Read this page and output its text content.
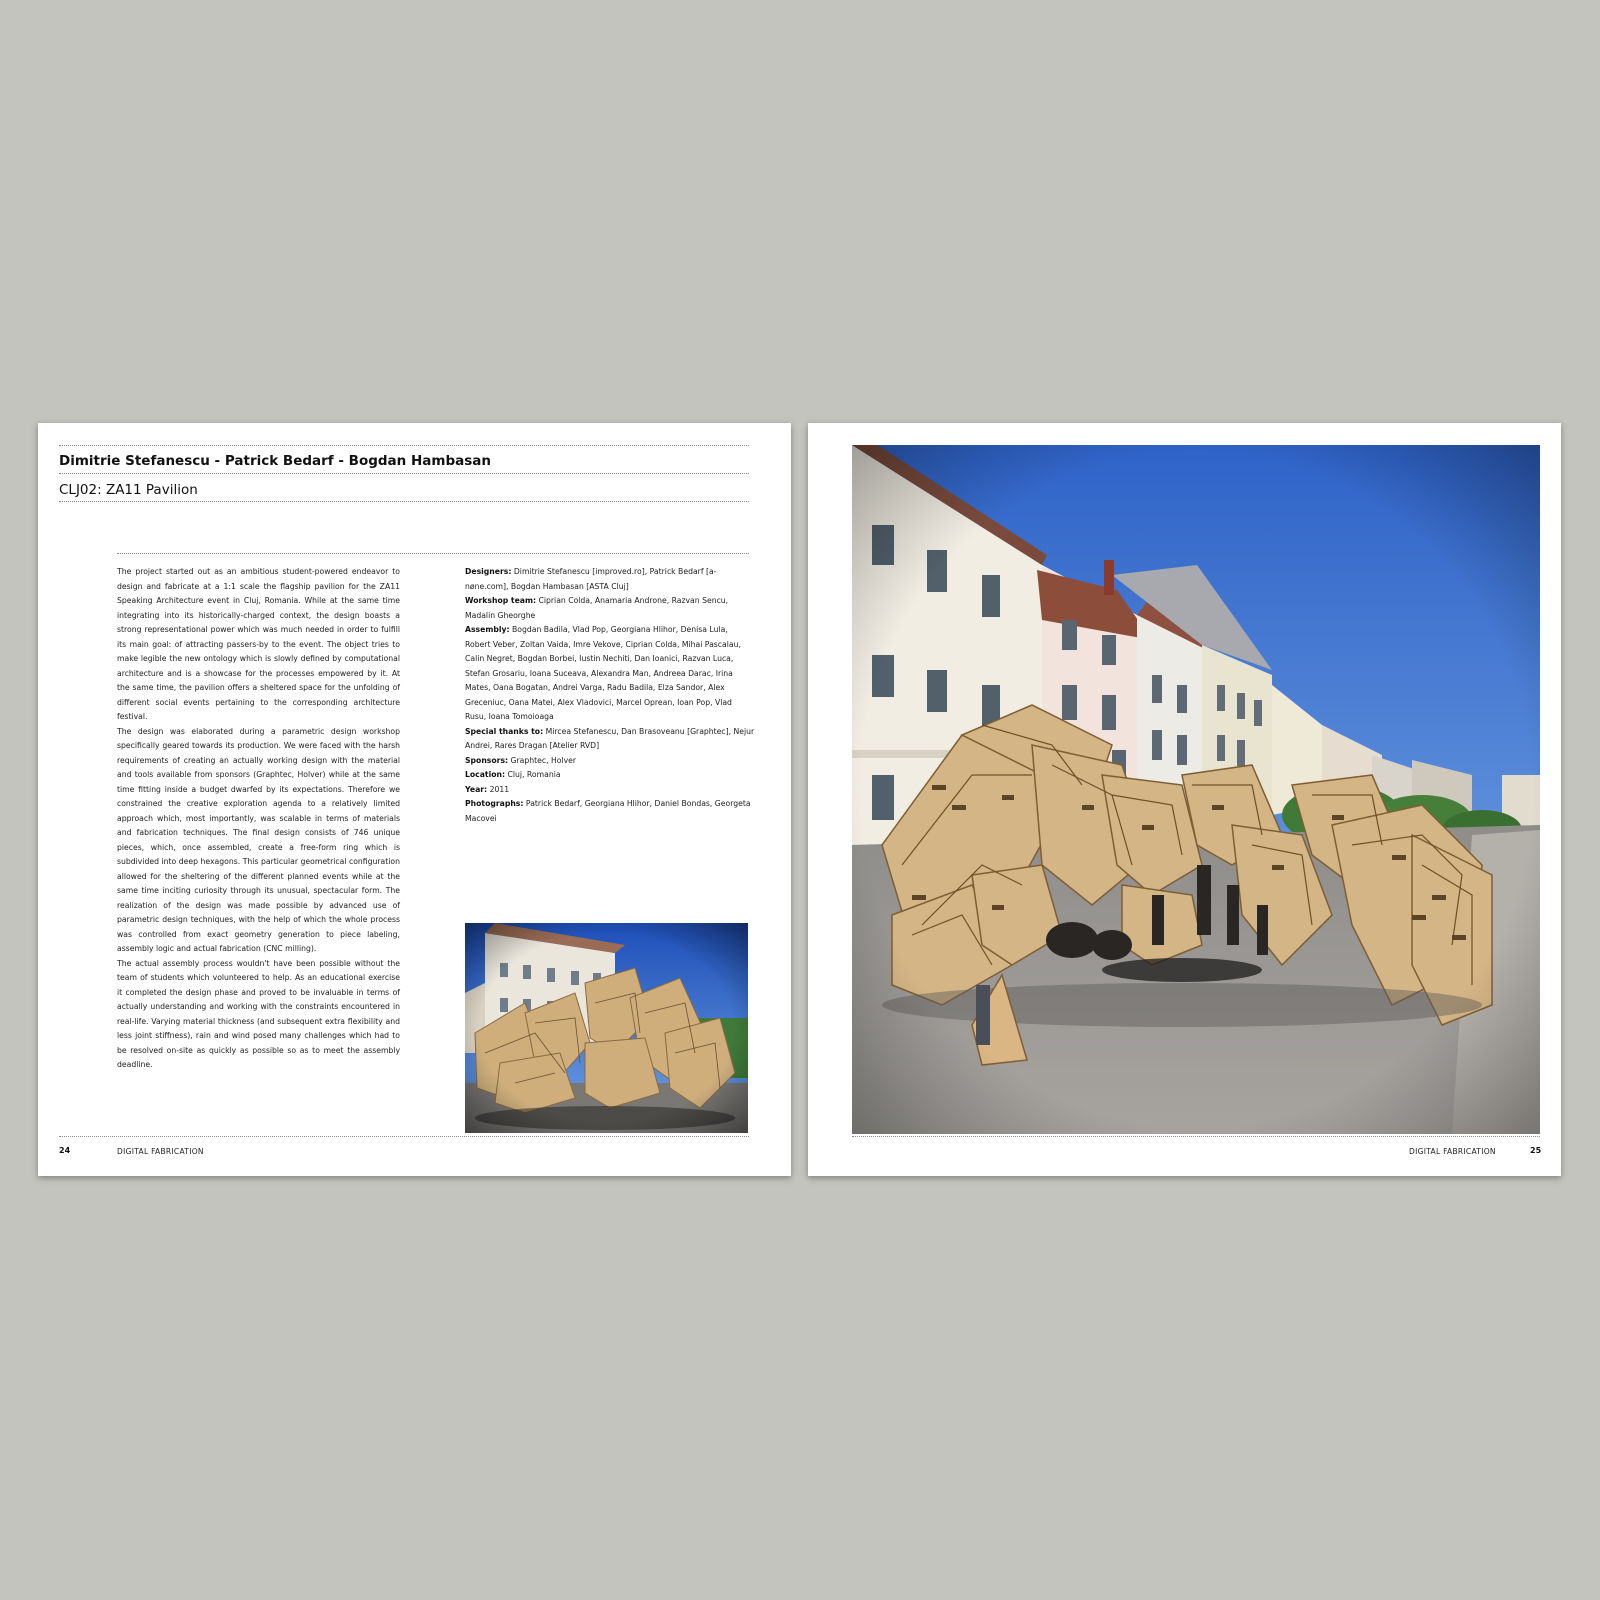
Dimitrie Stefanescu - Patrick Bedarf - Bogdan Hambasan
CLJ02: ZA11 Pavilion

The project started out as an ambitious student-powered endeavor to design and fabricate at a 1:1 scale the flagship pavilion for the ZA11 Speaking Architecture event in Cluj, Romania. While at the same time integrating into its historically-charged context, the design boasts a strong representational power which was much needed in order to fulfill its main goal: of attracting passers-by to the event. The object tries to make legible the new ontology which is slowly defined by computational architecture and is a showcase for the processes empowered by it. At the same time, the pavilion offers a sheltered space for the unfolding of different social events pertaining to the corresponding architecture festival.

The design was elaborated during a parametric design workshop specifically geared towards its production. We were faced with the harsh requirements of creating an actually working design with the material and tools available from sponsors (Graphtec, Holver) while at the same time fitting inside a budget dwarfed by its expectations. Therefore we constrained the creative exploration agenda to a relatively limited approach which, most importantly, was scalable in terms of materials and fabrication techniques. The final design consists of 746 unique pieces, which, once assembled, create a free-form ring which is subdivided into deep hexagons. This particular geometrical configuration allowed for the sheltering of the different planned events while at the same time inciting curiosity through its unusual, spectacular form. The realization of the design was made possible by advanced use of parametric design techniques, with the help of which the whole process was controlled from exact geometry generation to piece labeling, assembly logic and actual fabrication (CNC milling).

The actual assembly process wouldn't have been possible without the team of students which volunteered to help. As an educational exercise it completed the design phase and proved to be invaluable in terms of actually understanding and working with the constraints encountered in real-life. Varying material thickness (and subsequent extra flexibility and less joint stiffness), rain and wind posed many challenges which had to be resolved on-site as quickly as possible so as to meet the assembly deadline.

Designers: Dimitrie Stefanescu [improved.ro], Patrick Bedarf [a-nøne.com], Bogdan Hambasan [ASTA Cluj]

Workshop team: Ciprian Colda, Anamaria Androne, Razvan Sencu, Madalin Gheorghe

Assembly: Bogdan Badila, Vlad Pop, Georgiana Hlihor, Denisa Lula, Robert Veber, Zoltan Vaida, Imre Vekove, Ciprian Colda, Mihai Pascalau, Calin Negret, Bogdan Borbei, Iustin Nechiti, Dan Ioanici, Razvan Luca, Stefan Grosariu, Ioana Suceava, Alexandra Man, Andreea Darac, Irina Mates, Oana Bogatan, Andrei Varga, Radu Badila, Elza Sandor, Alex Greceniuc, Oana Matei, Alex Vladovici, Marcel Oprean, Ioan Pop, Vlad Rusu, Ioana Tomoioaga

Special thanks to: Mircea Stefanescu, Dan Brasoveanu [Graphtec], Nejur Andrei, Rares Dragan [Atelier RVD]

Sponsors: Graphtec, Holver

Location: Cluj, Romania

Year: 2011

Photographs: Patrick Bedarf, Georgiana Hlihor, Daniel Bondas, Georgeta Macovei

24	DIGITAL FABRICATION	DIGITAL FABRICATION	25
